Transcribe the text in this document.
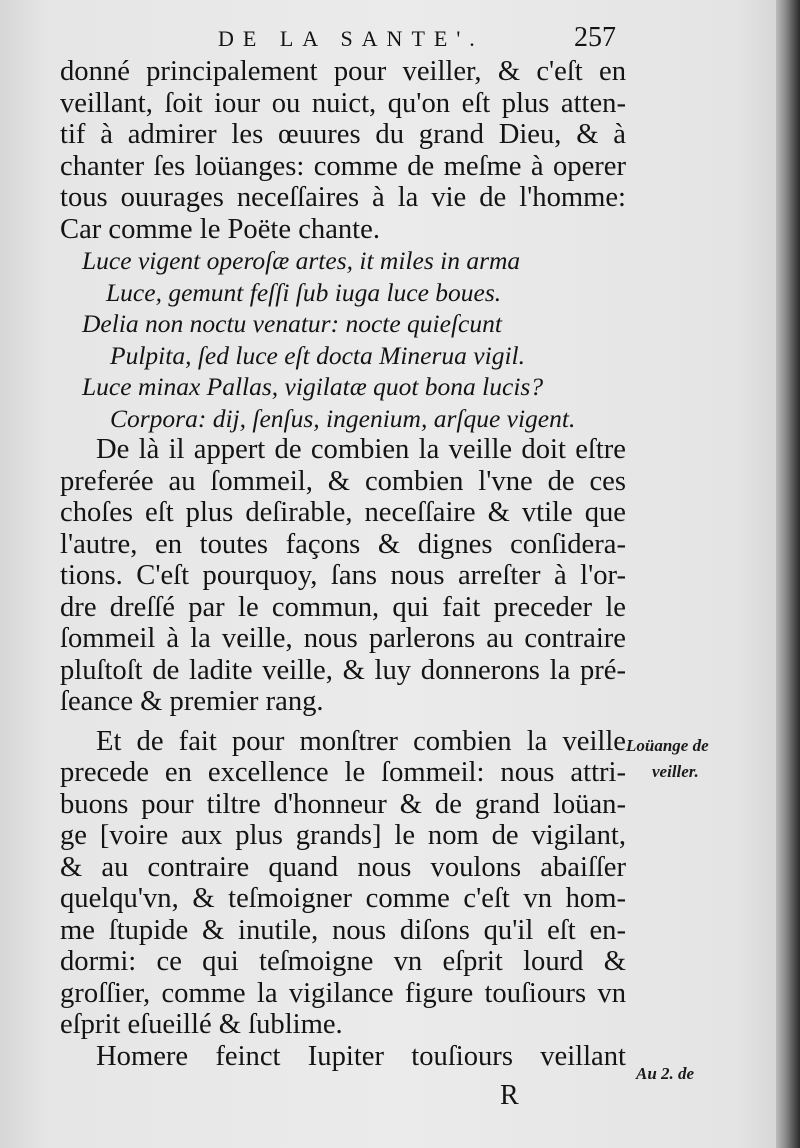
DE LA SANTE'.	257
donné principalement pour veiller, & c'eſt en
veillant, ſoit iour ou nuict, qu'on eſt plus atten-
tif à admirer les œuures du grand Dieu, & à
chanter ſes loüanges: comme de meſme à operer
tous ouurages neceſſaires à la vie de l'homme:
Car comme le Poëte chante.
Luce vigent operoſæ artes, it miles in arma
Luce, gemunt feſſi ſub iuga luce boues.
Delia non noctu venatur: nocte quieſcunt
Pulpita, ſed luce eſt docta Minerua vigil.
Luce minax Pallas, vigilatæ quot bona lucis?
Corpora: dij, ſenſus, ingenium, arſque vigent.
De là il appert de combien la veille doit eſtre
preferée au ſommeil, & combien l'vne de ces
choſes eſt plus deſirable, neceſſaire & vtile que
l'autre, en toutes façons & dignes conſidera-
tions. C'eſt pourquoy, ſans nous arreſter à l'or-
dre dreſſé par le commun, qui fait preceder le
ſommeil à la veille, nous parlerons au contraire
pluſtoſt de ladite veille, & luy donnerons la pré-
ſeance & premier rang.
Et de fait pour monſtrer combien la veille
precede en excellence le ſommeil: nous attri-
buons pour tiltre d'honneur & de grand loüan-
ge [voire aux plus grands] le nom de vigilant,
& au contraire quand nous voulons abaiſſer
quelqu'vn, & teſmoigner comme c'eſt vn hom-
me ſtupide & inutile, nous diſons qu'il eſt en-
dormi: ce qui teſmoigne vn eſprit lourd &
groſſier, comme la vigilance figure touſiours vn
eſprit eſueillé & ſublime.
Homere feinct Iupiter touſiours veillant
Loüange de
veiller.
Au 2. de
R
